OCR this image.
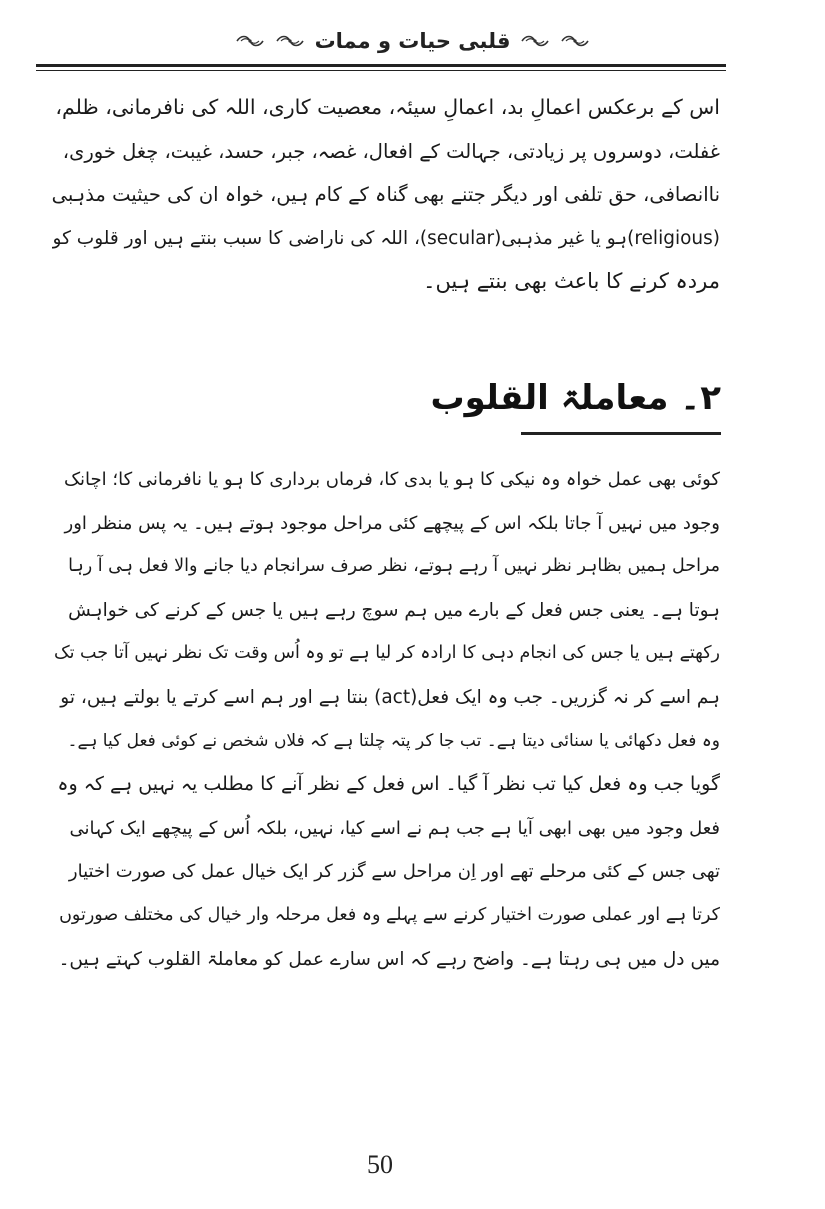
قلبی حیات و ممات
اس کے برعکس اعمالِ بد، اعمالِ سیئہ، معصیت کاری، اللہ کی نافرمانی، ظلم،
غفلت، دوسروں پر زیادتی، جہالت کے افعال، غصہ، جبر، حسد، غیبت، چغل خوری،
ناانصافی، حق تلفی اور دیگر جتنے بھی گناہ کے کام ہیں، خواہ ان کی حیثیت مذہبی
(religious)ہو یا غیر مذہبی(secular)، اللہ کی ناراضی کا سبب بنتے ہیں اور قلوب کو
مردہ کرنے کا باعث بھی بنتے ہیں۔
۲۔ معاملۃ القلوب
کوئی بھی عمل خواہ وہ نیکی کا ہو یا بدی کا، فرماں برداری کا ہو یا نافرمانی کا؛ اچانک
وجود میں نہیں آ جاتا بلکہ اس کے پیچھے کئی مراحل موجود ہوتے ہیں۔ یہ پس منظر اور
مراحل ہمیں بظاہر نظر نہیں آ رہے ہوتے، نظر صرف سرانجام دیا جانے والا فعل ہی آ رہا
ہوتا ہے۔ یعنی جس فعل کے بارے میں ہم سوچ رہے ہیں یا جس کے کرنے کی خواہش
رکھتے ہیں یا جس کی انجام دہی کا ارادہ کر لیا ہے تو وہ اُس وقت تک نظر نہیں آتا جب تک
ہم اسے کر نہ گزریں۔ جب وہ ایک فعل(act) بنتا ہے اور ہم اسے کرتے یا بولتے ہیں، تو
وہ فعل دکھائی یا سنائی دیتا ہے۔ تب جا کر پتہ چلتا ہے کہ فلاں شخص نے کوئی فعل کیا ہے۔
گویا جب وہ فعل کیا تب نظر آ گیا۔ اس فعل کے نظر آنے کا مطلب یہ نہیں ہے کہ وہ
فعل وجود میں بھی ابھی آیا ہے جب ہم نے اسے کیا، نہیں، بلکہ اُس کے پیچھے ایک کہانی
تھی جس کے کئی مرحلے تھے اور اِن مراحل سے گزر کر ایک خیال عمل کی صورت اختیار
کرتا ہے اور عملی صورت اختیار کرنے سے پہلے وہ فعل مرحلہ وار خیال کی مختلف صورتوں
میں دل میں ہی رہتا ہے۔ واضح رہے کہ اس سارے عمل کو معاملۃ القلوب کہتے ہیں۔
50
